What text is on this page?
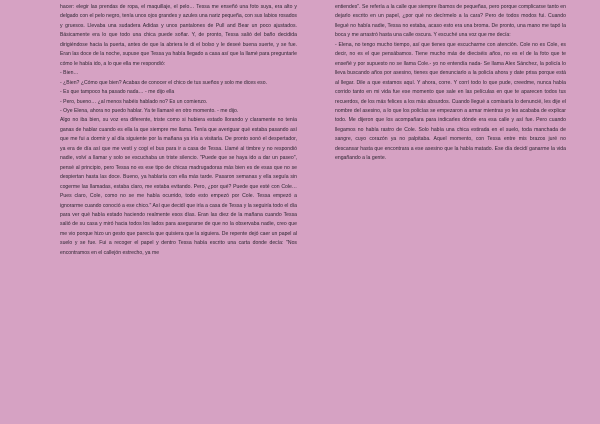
hacer: elegir las prendas de ropa, el maquillaje, el pelo… Tessa me enseñó una foto suya, era alto y delgado con el pelo negro, tenía unos ojos grandes y azules una nariz pequeña, con sus labios rosados y gruesos. Llevaba una sudadera Adidas y unos pantalones de Pull and Bear un poco ajustados. Básicamente era lo que todo una chica puede soñar. Y, de pronto, Tessa salió del baño decidida dirigiéndose hacia la puerta, antes de que la abriera le di el bolso y le deseé buena suerte, y se fue. Eran las doce de la noche, supuse que Tessa ya había llegado a casa así que la llamé para preguntarle cómo le había ido, a lo que ella me respondió:

- Bien…

- ¿Bien? ¿Cómo que bien? Acabas de conocer el chico de tus sueños y solo me dices eso.

- Es que tampoco ha pasado nada… - me dijo ella

- Pero, bueno… ¿al menos habéis hablado no? Es un comienzo.

- Oye Elena, ahora no puedo hablar. Ya te llamaré en otro momento. - me dijo.

Algo no iba bien, su voz era diferente, triste como si hubiera estado llorando y claramente no tenía ganas de hablar cuando es ella la que siempre me llama. Tenía que averiguar qué estaba pasando así que me fui a dormir y al día siguiente por la mañana ya iría a visitarla. De pronto sonó el despertador, ya era de día así que me vestí y cogí el bus para ir a casa de Tessa. Llamé al timbre y no respondió nadie, volví a llamar y solo se escuchaba un triste silencio. "Puede que se haya ido a dar un paseo", pensé al principio, pero Tessa no es ese tipo de chicas madrugadoras más bien es de esas que no se despiertan hasta las doce. Bueno, ya hablaría con ella más tarde. Pasaron semanas y ella seguía sin cogerme las llamadas, estaba claro, me estaba evitando. Pero, ¿por qué? Puede que esté con Cole… Pues claro, Cole, como no se me había ocurrido, todo esto empezó por Cole. Tessa empezó a ignorarme cuando conoció a ese chico." Así que decidí que iría a casa de Tessa y la seguiría todo el día para ver qué había estado haciendo realmente esos días. Eran las diez de la mañana cuando Tessa salió de su casa y miró hacia todos los lados para asegurarse de que no la observaba nadie, creo que me vio porque hizo un gesto que parecía que quisiera que la siguiera. De repente dejó caer un papel al suelo y se fue. Fui a recoger el papel y dentro Tessa había escrito una carta donde decía: "Nos encontramos en el callejón estrecho, ya me

entiendes". Se refería a la calle que siempre íbamos de pequeñas, pero porque complicarse tanto en dejarlo escrito en un papel, ¿por qué no decírmelo a la cara? Pero de todos modos fui. Cuando llegué no había nadie, Tessa no estaba, acaso esto era una broma. De pronto, una mano me tapó la boca y me arrastró hasta una calle oscura. Y escuché una voz que me decía:

- Elena, no tengo mucho tiempo, así que tienes que escucharme con atención. Cole no es Cole, es decir, no es el que pensábamos. Tiene mucho más de dieciséis años, no es el de la foto que te enseñé y por supuesto no se llama Cole.- yo no entendía nada- Se llama Alex Sánchez, la policía lo lleva buscando años por asesino, tienes que denunciarlo a la policía ahora y date prisa porque está al llegar. Dile a que estamos aquí. Y ahora, corre. Y corrí todo lo que pude, creedme, nunca había corrido tanto en mi vida fue ese momento que sale en las películas en que te aparecen todos tus recuerdos, de los más felices a los más absurdos. Cuando llegué a comisaría lo denuncié, les dije el nombre del asesino, a lo que los policías se empezaron a armar mientras yo les acababa de explicar todo. Me dijeron que los acompañara para indicarles dónde era esa calle y así fue. Pero cuando llegamos no había rastro de Cole. Solo había una chica estirada en el suelo, toda manchada de sangre, cuyo corazón ya no palpitaba. Aquel momento, con Tessa entre mis brazos juré no descansar hasta que encontrara a ese asesino que la había matado. Ese día decidí ganarme la vida engañando a la gente.
